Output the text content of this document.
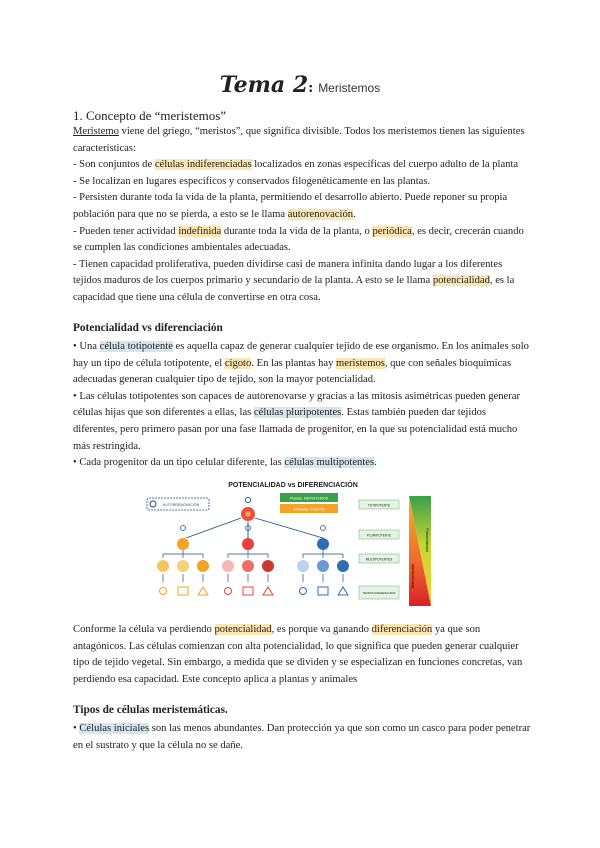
Tema 2: Meristemos
1. Concepto de “meristemos”

Meristemo viene del griego, “meristos”, que significa divisible. Todos los meristemos tienen las siguientes características:

- Son conjuntos de células indiferenciadas localizados en zonas específicas del cuerpo adulto de la planta

- Se localizan en lugares específicos y conservados filogenéticamente en las plantas.

- Persisten durante toda la vida de la planta, permitiendo el desarrollo abierto. Puede reponer su propia población para que no se pierda, a esto se le llama autorenovación.

- Pueden tener actividad indefinida durante toda la vida de la planta, o periódica, es decir, crecerán cuando se cumplen las condiciones ambientales adecuadas.

- Tienen capacidad proliferativa, pueden dividirse casi de manera infinita dando lugar a los diferentes tejidos maduros de los cuerpos primario y secundario de la planta. A esto se le llama potencialidad, es la capacidad que tiene una célula de convertirse en otra cosa.

Potencialidad vs diferenciación

• Una célula totipotente es aquella capaz de generar cualquier tejido de ese organismo. En los animales solo hay un tipo de célula totipotente, el cigoto. En las plantas hay meristemos, que con señales bioquímicas adecuadas generan cualquier tipo de tejido, son la mayor potencialidad.

• Las células totipotentes son capaces de autorenovarse y gracias a las mitosis asimétricas pueden generar células hijas que son diferentes a ellas, las células pluripotentes. Estas también pueden dar tejidos diferentes, pero primero pasan por una fase llamada de progenitor, en la que su potencialidad está mucho más restringida.

• Cada progenitor da un tipo celular diferente, las células multipotentes.

POTENCIALIDAD vs DIFERENCIACIÓN
AUTORRENOVACIÓN
Plantas: MERISTEMOS
Animales: CIGOTO
TOTIPOTENTE
PLURIPOTENTE
MULTIPOTENTES
TEJIDOS DIFERENCIADOS
Potencialidad
Diferenciación

Conforme la célula va perdiendo potencialidad, es porque va ganando diferenciación ya que son antagónicos. Las células comienzan con alta potencialidad, lo que significa que pueden generar cualquier tipo de tejido vegetal. Sin embargo, a medida que se dividen y se especializan en funciones concretas, van perdiendo esa capacidad. Este concepto aplica a plantas y animales

Tipos de células meristemáticas.

• Células iniciales son las menos abundantes. Dan protección ya que son como un casco para poder penetrar en el sustrato y que la célula no se dañe.
